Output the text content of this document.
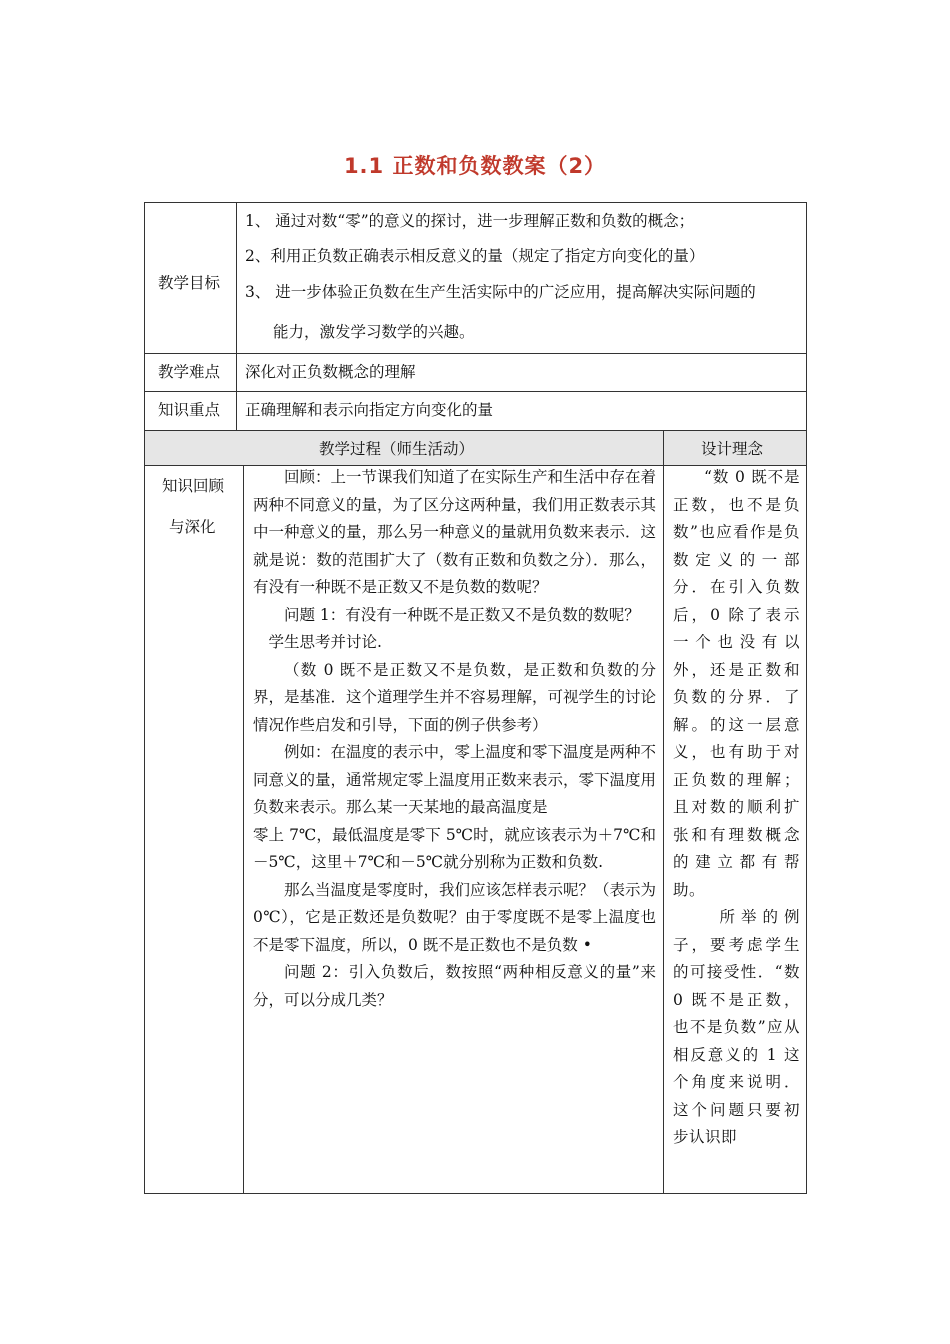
1.1 正数和负数教案（2）
教学目标
1、 通过对数“零”的意义的探讨，进一步理解正数和负数的概念；
2、利用正负数正确表示相反意义的量（规定了指定方向变化的量）
3、 进一步体验正负数在生产生活实际中的广泛应用，提高解决实际问题的
能力，激发学习数学的兴趣。
教学难点 深化对正负数概念的理解
知识重点 正确理解和表示向指定方向变化的量
教学过程（师生活动）	设计理念
知识回顾
与深化
回顾：上一节课我们知道了在实际生产和生活中存在着两种不同意义的量，为了区分这两种量，我们用正数表示其中一种意义的量，那么另一种意义的量就用负数来表示．这就是说：数的范围扩大了（数有正数和负数之分）．那么，有没有一种既不是正数又不是负数的数呢？
问题 1：有没有一种既不是正数又不是负数的数呢？
学生思考并讨论.
（数 0 既不是正数又不是负数，是正数和负数的分界，是基准．这个道理学生并不容易理解，可视学生的讨论情况作些启发和引导，下面的例子供参考）
例如：在温度的表示中，零上温度和零下温度是两种不同意义的量，通常规定零上温度用正数来表示，零下温度用负数来表示。那么某一天某地的最高温度是
零上 7℃，最低温度是零下 5℃时，就应该表示为＋7℃和－5℃，这里＋7℃和－5℃就分别称为正数和负数.
那么当温度是零度时，我们应该怎样表示呢？（表示为 0℃），它是正数还是负数呢？由于零度既不是零上温度也不是零下温度，所以，0 既不是正数也不是负数 •
问题 2：引入负数后，数按照“两种相反意义的量”来分，可以分成几类？
“数 0 既不是正数，也不是负数”也应看作是负数定义的一部分．在引入负数后，0 除了表示一个也没有以外，还是正数和负数的分界．了解。的这一层意义，也有助于对正负数的理解；且对数的顺利扩张和有理数概念的建立都有帮助。
所举的例子，要考虑学生的可接受性．“数 0 既不是正数，也不是负数”应从相反意义的 1 这个角度来说明．这个问题只要初步认识即
